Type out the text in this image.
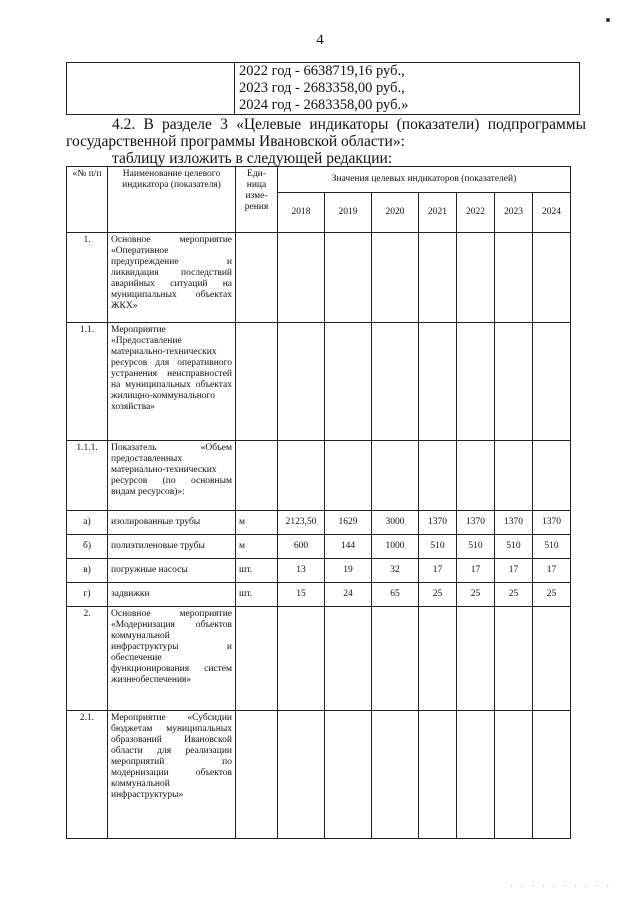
4

2022 год - 6638719,16 руб.,
2023 год - 2683358,00 руб.,
2024 год - 2683358,00 руб.»
4.2. В разделе 3 «Целевые индикаторы (показатели) подпрограммы
государственной программы Ивановской области»:
таблицу изложить в следующей редакции:
«№ п/п	Наименование целевого индикатора (показателя)	Еди-ница изме-рения	Значения целевых индикаторов (показателей)						
			2018	2019	2020	2021	2022	2023	2024
1.	Основное мероприятие «Оперативное предупреждение и ликвидация последствий аварийных ситуаций на муниципальных объектах ЖКХ»								
1.1.	Мероприятие «Предоставление материально-технических ресурсов для оперативного устранения неисправностей на муниципальных объектах жилищно-коммунального хозяйства»								
1.1.1.	Показатель «Объем предоставленных материально-технических ресурсов (по основным видам ресурсов)»:								
а)	изолированные трубы	м	2123,50	1629	3000	1370	1370	1370	1370
б)	полиэтиленовые трубы	м	600	144	1000	510	510	510	510
в)	погружные насосы	шт.	13	19	32	17	17	17	17
г)	задвижки	шт.	15	24	65	25	25	25	25
2.	Основное мероприятие «Модернизация объектов коммунальной инфраструктуры и обеспечение функционирования систем жизнеобеспечения»								
2.1.	Мероприятие «Субсидии бюджетам муниципальных образований Ивановской области для реализации мероприятий по модернизации объектов коммунальной инфраструктуры»								
· · · · · · · · · ·
